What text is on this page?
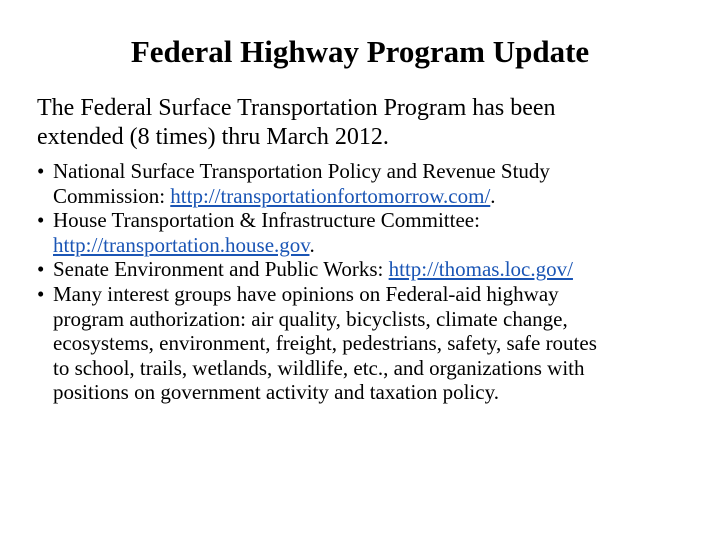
Federal Highway Program Update
The Federal Surface Transportation Program has been
extended (8 times) thru March 2012.
• National Surface Transportation Policy and Revenue Study
Commission: http://transportationfortomorrow.com/.
• House Transportation & Infrastructure Committee:
http://transportation.house.gov.
• Senate Environment and Public Works: http://thomas.loc.gov/
• Many interest groups have opinions on Federal-aid highway
program authorization: air quality, bicyclists, climate change,
ecosystems, environment, freight, pedestrians, safety, safe routes
to school, trails, wetlands, wildlife, etc., and organizations with
positions on government activity and taxation policy.
